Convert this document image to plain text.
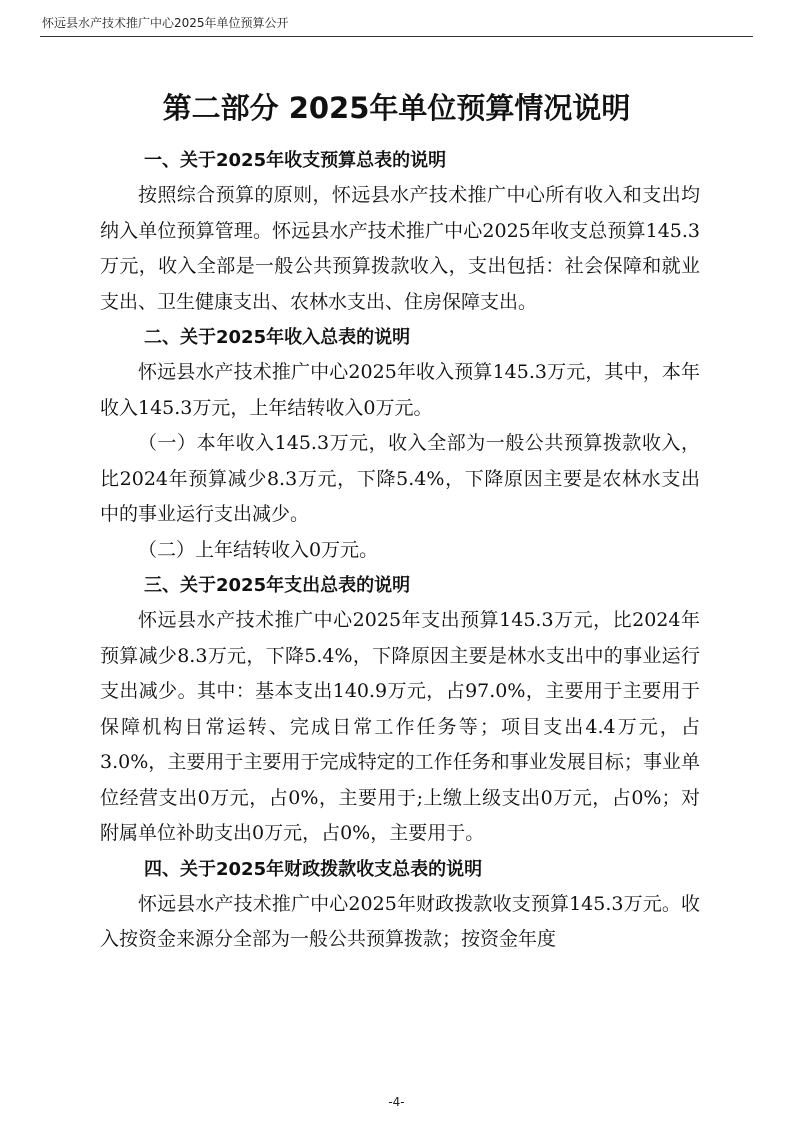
怀远县水产技术推广中心2025年单位预算公开
第二部分 2025年单位预算情况说明
一、关于2025年收支预算总表的说明

按照综合预算的原则，怀远县水产技术推广中心所有收入和支出均纳入单位预算管理。怀远县水产技术推广中心2025年收支总预算145.3万元，收入全部是一般公共预算拨款收入，支出包括：社会保障和就业支出、卫生健康支出、农林水支出、住房保障支出。

二、关于2025年收入总表的说明

怀远县水产技术推广中心2025年收入预算145.3万元，其中，本年收入145.3万元，上年结转收入0万元。

（一）本年收入145.3万元，收入全部为一般公共预算拨款收入，比2024年预算减少8.3万元，下降5.4%，下降原因主要是农林水支出中的事业运行支出减少。

（二）上年结转收入0万元。

三、关于2025年支出总表的说明

怀远县水产技术推广中心2025年支出预算145.3万元，比2024年预算减少8.3万元，下降5.4%，下降原因主要是林水支出中的事业运行支出减少。其中：基本支出140.9万元，占97.0%，主要用于主要用于保障机构日常运转、完成日常工作任务等；项目支出4.4万元，占3.0%，主要用于主要用于完成特定的工作任务和事业发展目标；事业单位经营支出0万元，占0%，主要用于;上缴上级支出0万元，占0%；对附属单位补助支出0万元，占0%，主要用于。

四、关于2025年财政拨款收支总表的说明

怀远县水产技术推广中心2025年财政拨款收支预算145.3万元。收入按资金来源分全部为一般公共预算拨款；按资金年度

-4-
